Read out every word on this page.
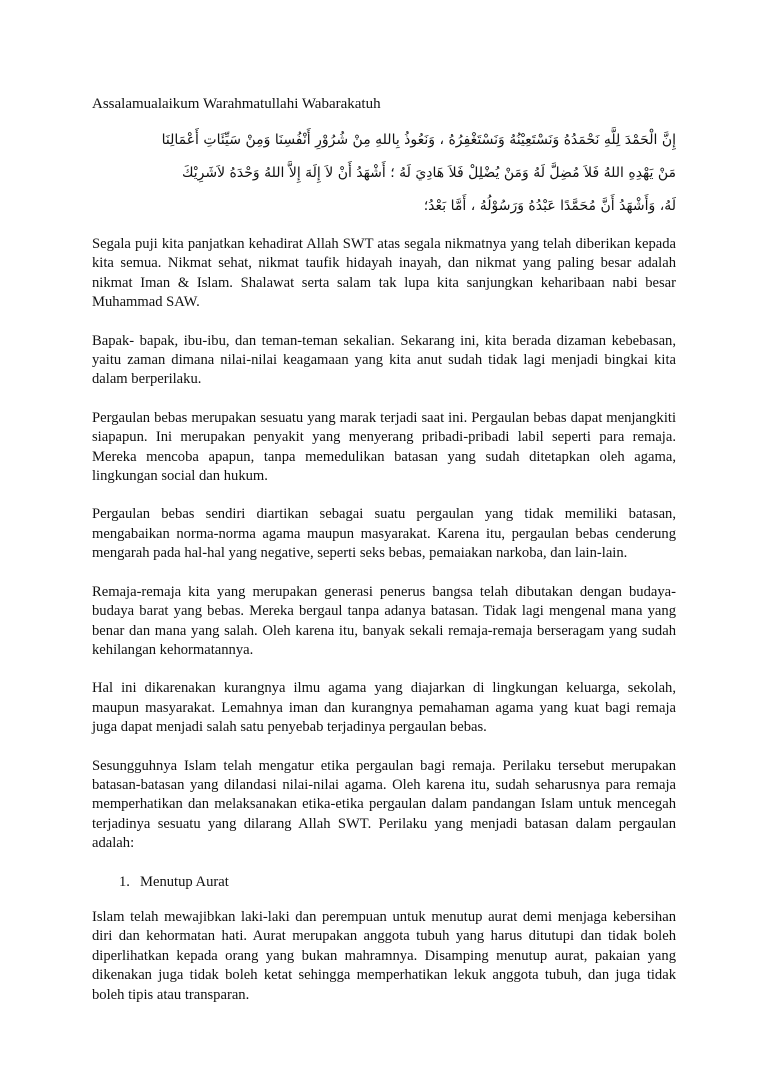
Assalamualaikum Warahmatullahi Wabarakatuh
إِنَّ الْحَمْدَ لِلَّهِ نَحْمَدُهُ وَنَسْتَعِيْنُهُ وَنَسْتَغْفِرُهُ ، وَنَعُوذُ بِاللهِ مِنْ شُرُوْرِ أَنْفُسِنَا وَمِنْ سَيِّئَاتِ أَعْمَالِنَا
مَنْ يَهْدِهِ اللهُ فَلاَ مُضِلَّ لَهُ وَمَنْ يُضْلِلْ فَلاَ هَادِيَ لَهُ ؛ أَشْهَدُ أَنْ لاَ إِلَهَ إِلاَّ اللهُ وَحْدَهُ لاَشَرِيْكَ
لَهُ، وَأَشْهَدُ أَنَّ مُحَمَّدًا عَبْدُهُ وَرَسُوْلُهُ ، أَمَّا بَعْدُ؛

Segala puji kita panjatkan kehadirat Allah SWT atas segala nikmatnya yang telah diberikan kepada kita semua. Nikmat sehat, nikmat taufik hidayah inayah, dan nikmat yang paling besar adalah nikmat Iman & Islam. Shalawat serta salam tak lupa kita sanjungkan keharibaan nabi besar Muhammad SAW.

Bapak- bapak, ibu-ibu, dan teman-teman sekalian. Sekarang ini, kita berada dizaman kebebasan, yaitu zaman dimana nilai-nilai keagamaan yang kita anut sudah tidak lagi menjadi bingkai kita dalam berperilaku.

Pergaulan bebas merupakan sesuatu yang marak terjadi saat ini. Pergaulan bebas dapat menjangkiti siapapun. Ini merupakan penyakit yang menyerang pribadi-pribadi labil seperti para remaja. Mereka mencoba apapun, tanpa memedulikan batasan yang sudah ditetapkan oleh agama, lingkungan social dan hukum.

Pergaulan bebas sendiri diartikan sebagai suatu pergaulan yang tidak memiliki batasan, mengabaikan norma-norma agama maupun masyarakat. Karena itu, pergaulan bebas cenderung mengarah pada hal-hal yang negative, seperti seks bebas, pemaiakan narkoba, dan lain-lain.

Remaja-remaja kita yang merupakan generasi penerus bangsa telah dibutakan dengan budaya-budaya barat yang bebas. Mereka bergaul tanpa adanya batasan. Tidak lagi mengenal mana yang benar dan mana yang salah. Oleh karena itu, banyak sekali remaja-remaja berseragam yang sudah kehilangan kehormatannya.

Hal ini dikarenakan kurangnya ilmu agama yang diajarkan di lingkungan keluarga, sekolah, maupun masyarakat. Lemahnya iman dan kurangnya pemahaman agama yang kuat bagi remaja juga dapat menjadi salah satu penyebab terjadinya pergaulan bebas.

Sesungguhnya Islam telah mengatur etika pergaulan bagi remaja. Perilaku tersebut merupakan batasan-batasan yang dilandasi nilai-nilai agama. Oleh karena itu, sudah seharusnya para remaja memperhatikan dan melaksanakan etika-etika pergaulan dalam pandangan Islam untuk mencegah terjadinya sesuatu yang dilarang Allah SWT. Perilaku yang menjadi batasan dalam pergaulan adalah:

1. Menutup Aurat

Islam telah mewajibkan laki-laki dan perempuan untuk menutup aurat demi menjaga kebersihan diri dan kehormatan hati. Aurat merupakan anggota tubuh yang harus ditutupi dan tidak boleh diperlihatkan kepada orang yang bukan mahramnya. Disamping menutup aurat, pakaian yang dikenakan juga tidak boleh ketat sehingga memperhatikan lekuk anggota tubuh, dan juga tidak boleh tipis atau transparan.
